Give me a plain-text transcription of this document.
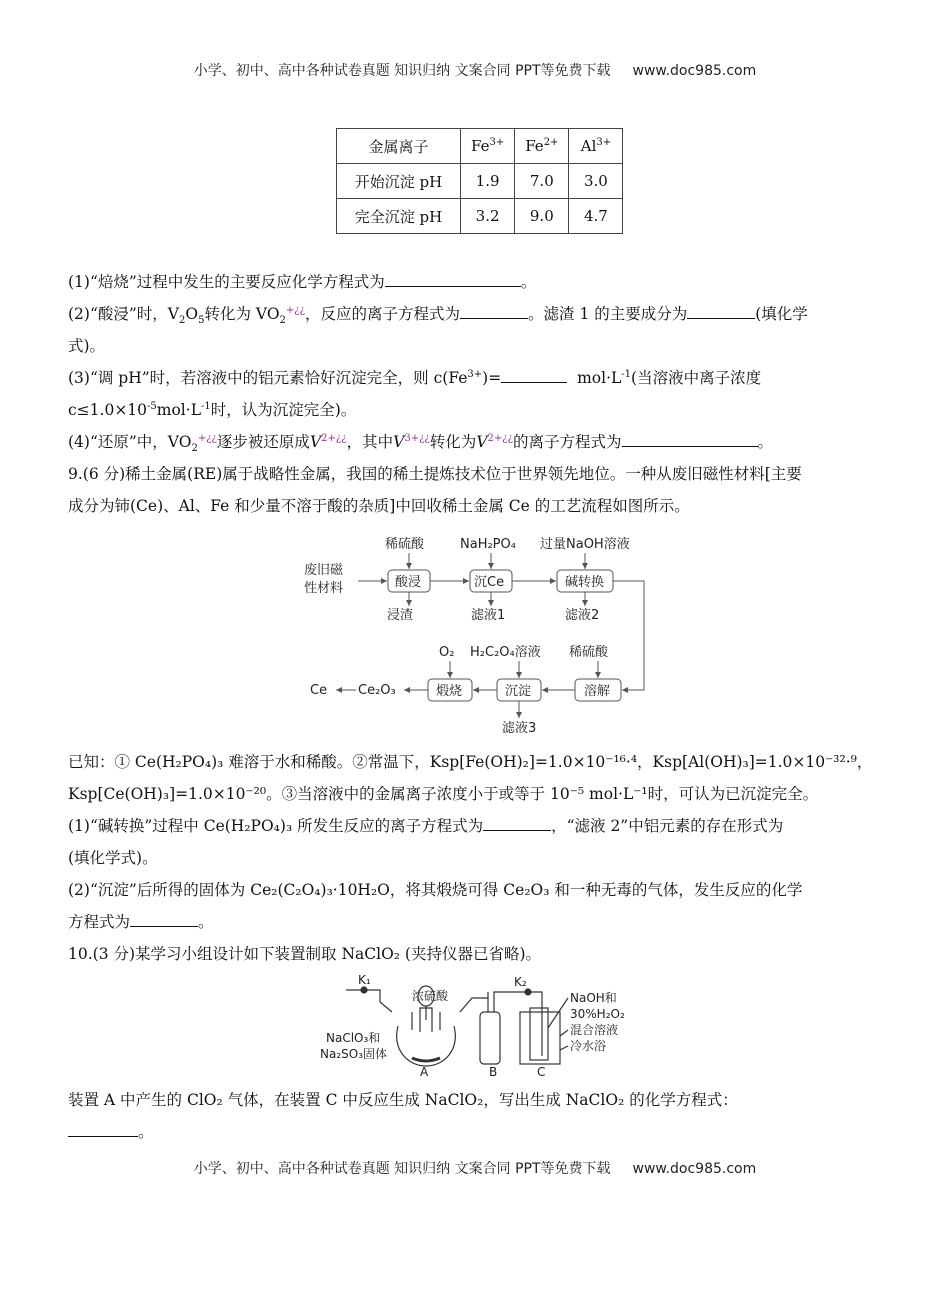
小学、初中、高中各种试卷真题 知识归纳 文案合同 PPT等免费下载 www.doc985.com
金属离子	$Fe^{3+}$	$Fe^{2+}$	$Al^{3+}$
开始沉淀 pH	1.9	7.0	3.0
完全沉淀 pH	3.2	9.0	4.7
(1)“焙烧”过程中发生的主要反应化学方程式为	。
(2)“酸浸”时，$V_2O_5$转化为 $VO_2^{+¿¿}$，反应的离子方程式为	。滤渣 1 的主要成分为	(填化学
式)。
(3)“调 pH”时，若溶液中的铝元素恰好沉淀完全，则 $c(Fe^{3+})=$	$mol\cdot L^{-1}$(当溶液中离子浓度
$c\le 1.0\times 10^{-5}mol\cdot L^{-1}$时，认为沉淀完全)。
(4)“还原”中，$VO_2^{+¿¿}$逐步被还原成$V^{2+¿¿}$，其中$V^{3+¿¿}$转化为$V^{2+¿¿}$的离子方程式为	。
9.(6 分)稀土金属(RE)属于战略性金属，我国的稀土提炼技术位于世界领先地位。一种从废旧磁性材料[主要
成分为铈(Ce)、Al、Fe 和少量不溶于酸的杂质]中回收稀土金属 Ce 的工艺流程如图所示。
废旧磁
性材料
稀硫酸	NaH₂PO₄ 过量NaOH溶液
浸渣	滤液1	滤液2
稀硫酸
H₂C₂O₄溶液
O₂
滤液3
Ce₂O₃
Ce
酸浸	沉Ce	碱转换
溶解
沉淀
煅烧
已知：① Ce(H₂PO₄)₃ 难溶于水和稀酸。②常温下，Ksp[Fe(OH)₂]=1.0×10⁻¹⁶·⁴，Ksp[Al(OH)₃]=1.0×10⁻³²·⁹，
Ksp[Ce(OH)₃]=1.0×10⁻²⁰。③当溶液中的金属离子浓度小于或等于 10⁻⁵ mol·L⁻¹时，可认为已沉淀完全。
(1)“碱转换”过程中 Ce(H₂PO₄)₃ 所发生反应的离子方程式为	，“滤液 2”中铝元素的存在形式为
(填化学式)。
(2)“沉淀”后所得的固体为 Ce₂(C₂O₄)₃·10H₂O，将其煅烧可得 Ce₂O₃ 和一种无毒的气体，发生反应的化学
方程式为	。
10.(3 分)某学习小组设计如下装置制取 NaClO₂ (夹持仪器已省略)。
K₁	K₂
浓硫酸
NaClO₃和
Na₂SO₃固体
NaOH和
30%H₂O₂
混合溶液
冷水浴
A	B	C
装置 A 中产生的 ClO₂ 气体，在装置 C 中反应生成 NaClO₂，写出生成 NaClO₂ 的化学方程式：
。
小学、初中、高中各种试卷真题 知识归纳 文案合同 PPT等免费下载 www.doc985.com
